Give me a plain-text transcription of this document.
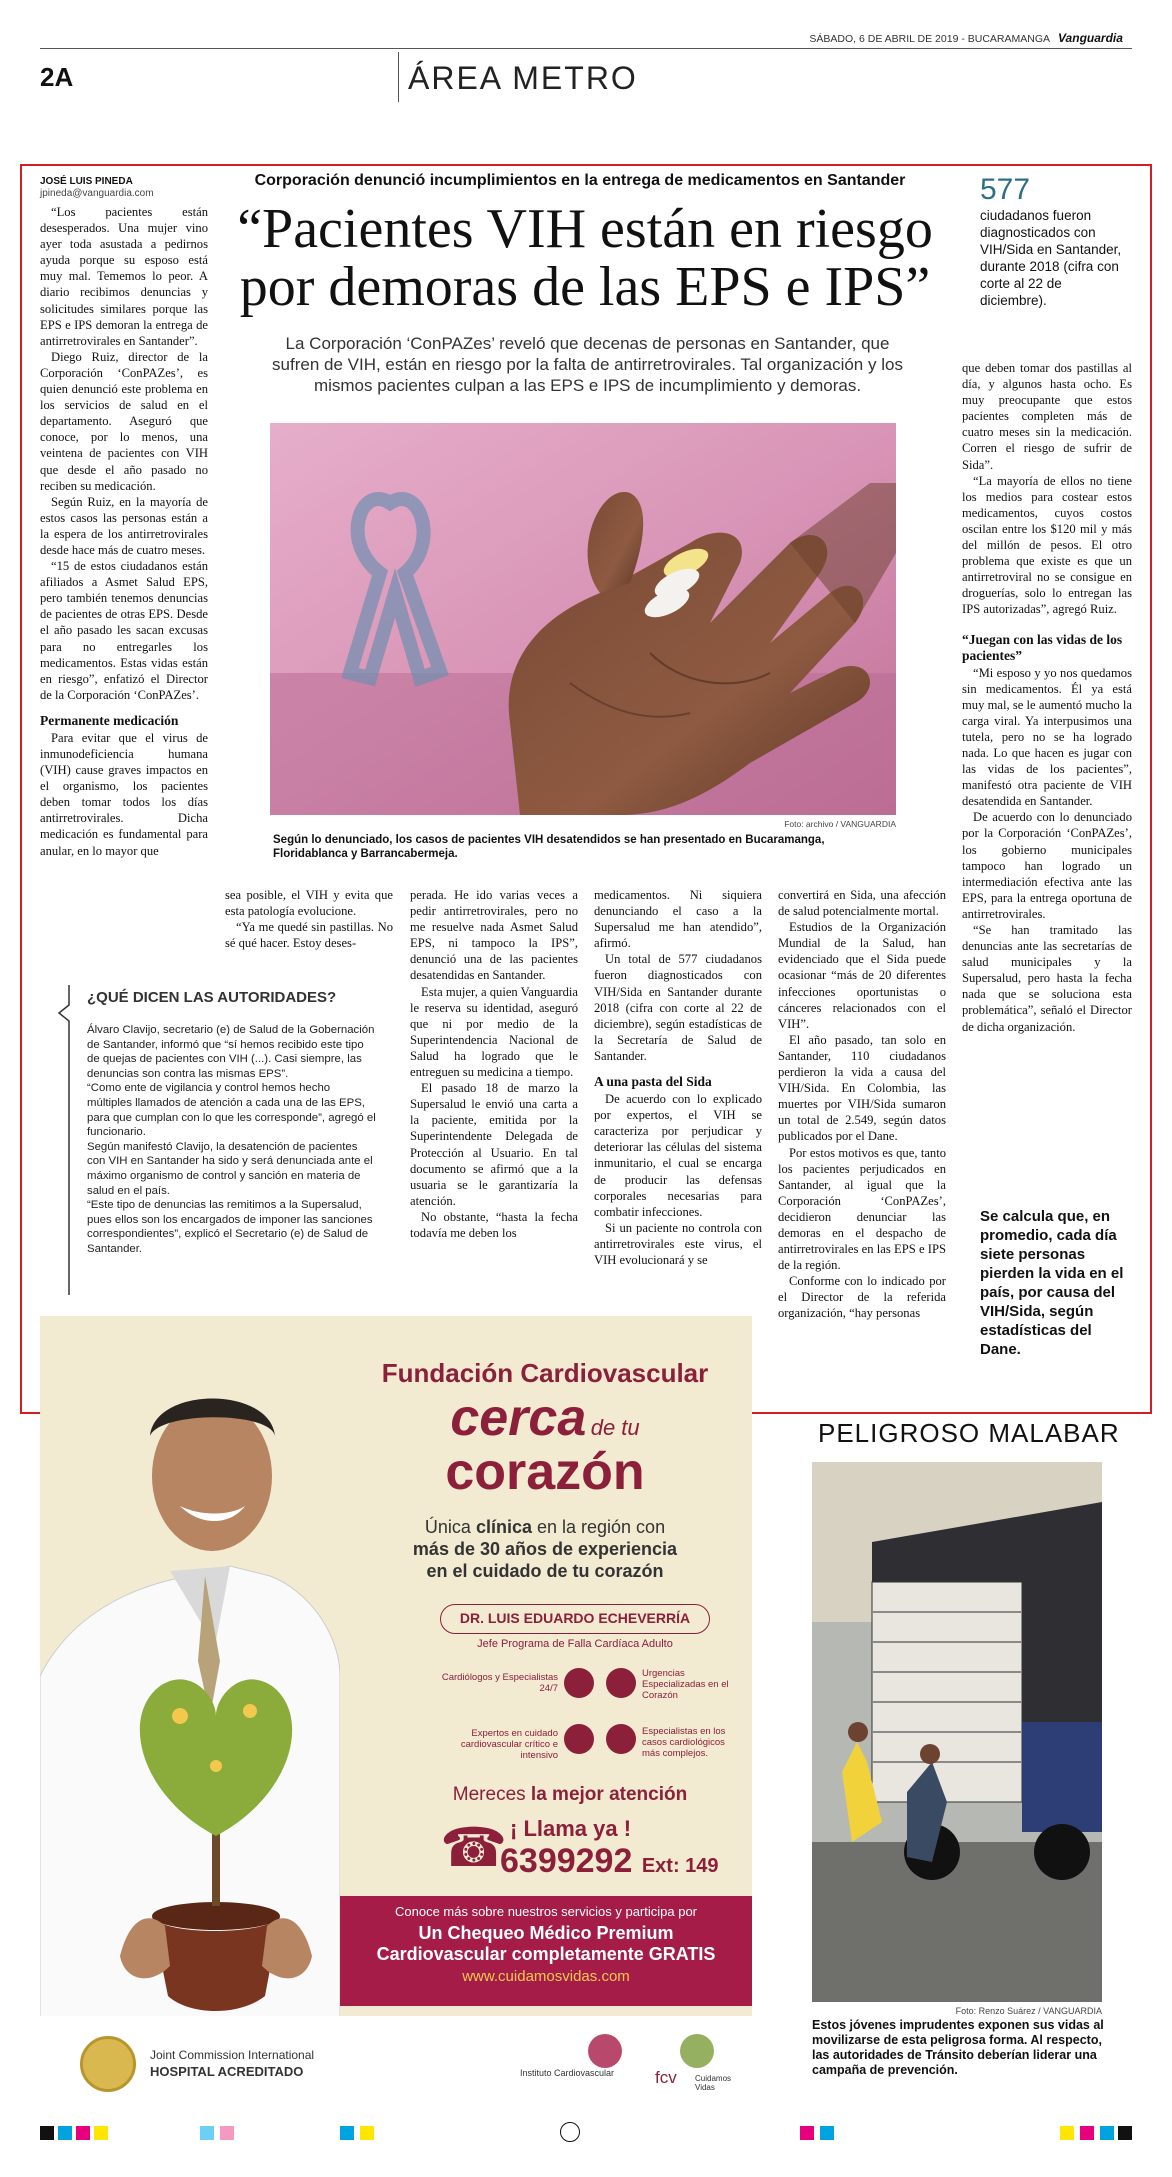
SÁBADO, 6 DE ABRIL DE 2019 - BUCARAMANGA Vanguardia
2A	ÁREA METRO
JOSÉ LUIS PINEDA
jpineda@vanguardia.com
Corporación denunció incumplimientos en la entrega de medicamentos en Santander
“Pacientes VIH están en riesgo
por demoras de las EPS e IPS”
La Corporación ‘ConPAZes’ reveló que decenas de personas en Santander, que sufren de VIH, están en riesgo por la falta de antirretrovirales. Tal organización y los mismos pacientes culpan a las EPS e IPS de incumplimiento y demoras.
577
ciudadanos fueron diagnosticados con VIH/Sida en Santander, durante 2018 (cifra con corte al 22 de diciembre).
Foto: archivo / VANGUARDIA
Según lo denunciado, los casos de pacientes VIH desatendidos se han presentado en Bucaramanga, Floridablanca y Barrancabermeja.

“Los pacientes están desesperados. Una mujer vino ayer toda asustada a pedirnos ayuda porque su esposo está muy mal. Tememos lo peor. A diario recibimos denuncias y solicitudes similares porque las EPS e IPS demoran la entrega de antirretrovirales en Santander”.

Diego Ruiz, director de la Corporación ‘ConPAZes’, es quien denunció este problema en los servicios de salud en el departamento. Aseguró que conoce, por lo menos, una veintena de pacientes con VIH que desde el año pasado no reciben su medicación.

Según Ruiz, en la mayoría de estos casos las personas están a la espera de los antirretrovirales desde hace más de cuatro meses.

“15 de estos ciudadanos están afiliados a Asmet Salud EPS, pero también tenemos denuncias de pacientes de otras EPS. Desde el año pasado les sacan excusas para no entregarles los medicamentos. Estas vidas están en riesgo”, enfatizó el Director de la Corporación ‘ConPAZes’.

Permanente medicación

Para evitar que el virus de inmunodeficiencia humana (VIH) cause graves impactos en el organismo, los pacientes deben tomar todos los días antirretrovirales. Dicha medicación es fundamental para anular, en lo mayor que

¿QUÉ DICEN LAS AUTORIDADES?
Álvaro Clavijo, secretario (e) de Salud de la Gobernación de Santander, informó que “sí hemos recibido este tipo de quejas de pacientes con VIH (...). Casi siempre, las denuncias son contra las mismas EPS”.
“Como ente de vigilancia y control hemos hecho múltiples llamados de atención a cada una de las EPS, para que cumplan con lo que les corresponde”, agregó el funcionario.
Según manifestó Clavijo, la desatención de pacientes con VIH en Santander ha sido y será denunciada ante el máximo organismo de control y sanción en materia de salud en el país.
“Este tipo de denuncias las remitimos a la Supersalud, pues ellos son los encargados de imponer las sanciones correspondientes”, explicó el Secretario (e) de Salud de Santander.

sea posible, el VIH y evita que esta patología evolucione.

“Ya me quedé sin pastillas. No sé qué hacer. Estoy deses-

perada. He ido varias veces a pedir antirretrovirales, pero no me resuelve nada Asmet Salud EPS, ni tampoco la IPS”, denunció una de las pacientes desatendidas en Santander.

Esta mujer, a quien Vanguardia le reserva su identidad, aseguró que ni por medio de la Superintendencia Nacional de Salud ha logrado que le entreguen su medicina a tiempo.

El pasado 18 de marzo la Supersalud le envió una carta a la paciente, emitida por la Superintendente Delegada de Protección al Usuario. En tal documento se afirmó que a la usuaria se le garantizaría la atención.

No obstante, “hasta la fecha todavía me deben los

medicamentos. Ni siquiera denunciando el caso a la Supersalud me han atendido”, afirmó.

Un total de 577 ciudadanos fueron diagnosticados con VIH/Sida en Santander durante 2018 (cifra con corte al 22 de diciembre), según estadísticas de la Secretaría de Salud de Santander.

A una pasta del Sida

De acuerdo con lo explicado por expertos, el VIH se caracteriza por perjudicar y deteriorar las células del sistema inmunitario, el cual se encarga de producir las defensas corporales necesarias para combatir infecciones.

Si un paciente no controla con antirretrovirales este virus, el VIH evolucionará y se

convertirá en Sida, una afección de salud potencialmente mortal.

Estudios de la Organización Mundial de la Salud, han evidenciado que el Sida puede ocasionar “más de 20 diferentes infecciones oportunistas o cánceres relacionados con el VIH”.

El año pasado, tan solo en Santander, 110 ciudadanos perdieron la vida a causa del VIH/Sida. En Colombia, las muertes por VIH/Sida sumaron un total de 2.549, según datos publicados por el Dane.

Por estos motivos es que, tanto los pacientes perjudicados en Santander, al igual que la Corporación ‘ConPAZes’, decidieron denunciar las demoras en el despacho de antirretrovirales en las EPS e IPS de la región.

Conforme con lo indicado por el Director de la referida organización, “hay personas

que deben tomar dos pastillas al día, y algunos hasta ocho. Es muy preocupante que estos pacientes completen más de cuatro meses sin la medicación. Corren el riesgo de sufrir de Sida”.

“La mayoría de ellos no tiene los medios para costear estos medicamentos, cuyos costos oscilan entre los $120 mil y más del millón de pesos. El otro problema que existe es que un antirretroviral no se consigue en droguerías, solo lo entregan las IPS autorizadas”, agregó Ruiz.

“Juegan con las vidas de los pacientes”

“Mi esposo y yo nos quedamos sin medicamentos. Él ya está muy mal, se le aumentó mucho la carga viral. Ya interpusimos una tutela, pero no se ha logrado nada. Lo que hacen es jugar con las vidas de los pacientes”, manifestó otra paciente de VIH desatendida en Santander.

De acuerdo con lo denunciado por la Corporación ‘ConPAZes’, los gobierno municipales tampoco han logrado un intermediación efectiva ante las EPS, para la entrega oportuna de antirretrovirales.

“Se han tramitado las denuncias ante las secretarías de salud municipales y la Supersalud, pero hasta la fecha nada que se soluciona esta problemática”, señaló el Director de dicha organización.

Se calcula que, en promedio, cada día siete personas pierden la vida en el país, por causa del VIH/Sida, según estadísticas del Dane.
Fundación Cardiovascular
cerca de tu
corazón
Única clínica en la región con
más de 30 años de experiencia
en el cuidado de tu corazón
DR. LUIS EDUARDO ECHEVERRÍA
Jefe Programa de Falla Cardíaca Adulto
Cardiólogos y Especialistas 24/7
Urgencias Especializadas en el Corazón
Expertos en cuidado cardiovascular crítico e intensivo
Especialistas en los casos cardiológicos más complejos.
Mereces la mejor atención
☎ ¡ Llama ya !
6399292 Ext: 149
Conoce más sobre nuestros servicios y participa por
Un Chequeo Médico Premium
Cardiovascular completamente GRATIS
www.cuidamosvidas.com
Joint Commission International
HOSPITAL ACREDITADO	Instituto Cardiovascular	fcv Cuidamos Vidas
PELIGROSO MALABAR
Foto: Renzo Suárez / VANGUARDIA
Estos jóvenes imprudentes exponen sus vidas al movilizarse de esta peligrosa forma. Al respecto, las autoridades de Tránsito deberían liderar una campaña de prevención.
